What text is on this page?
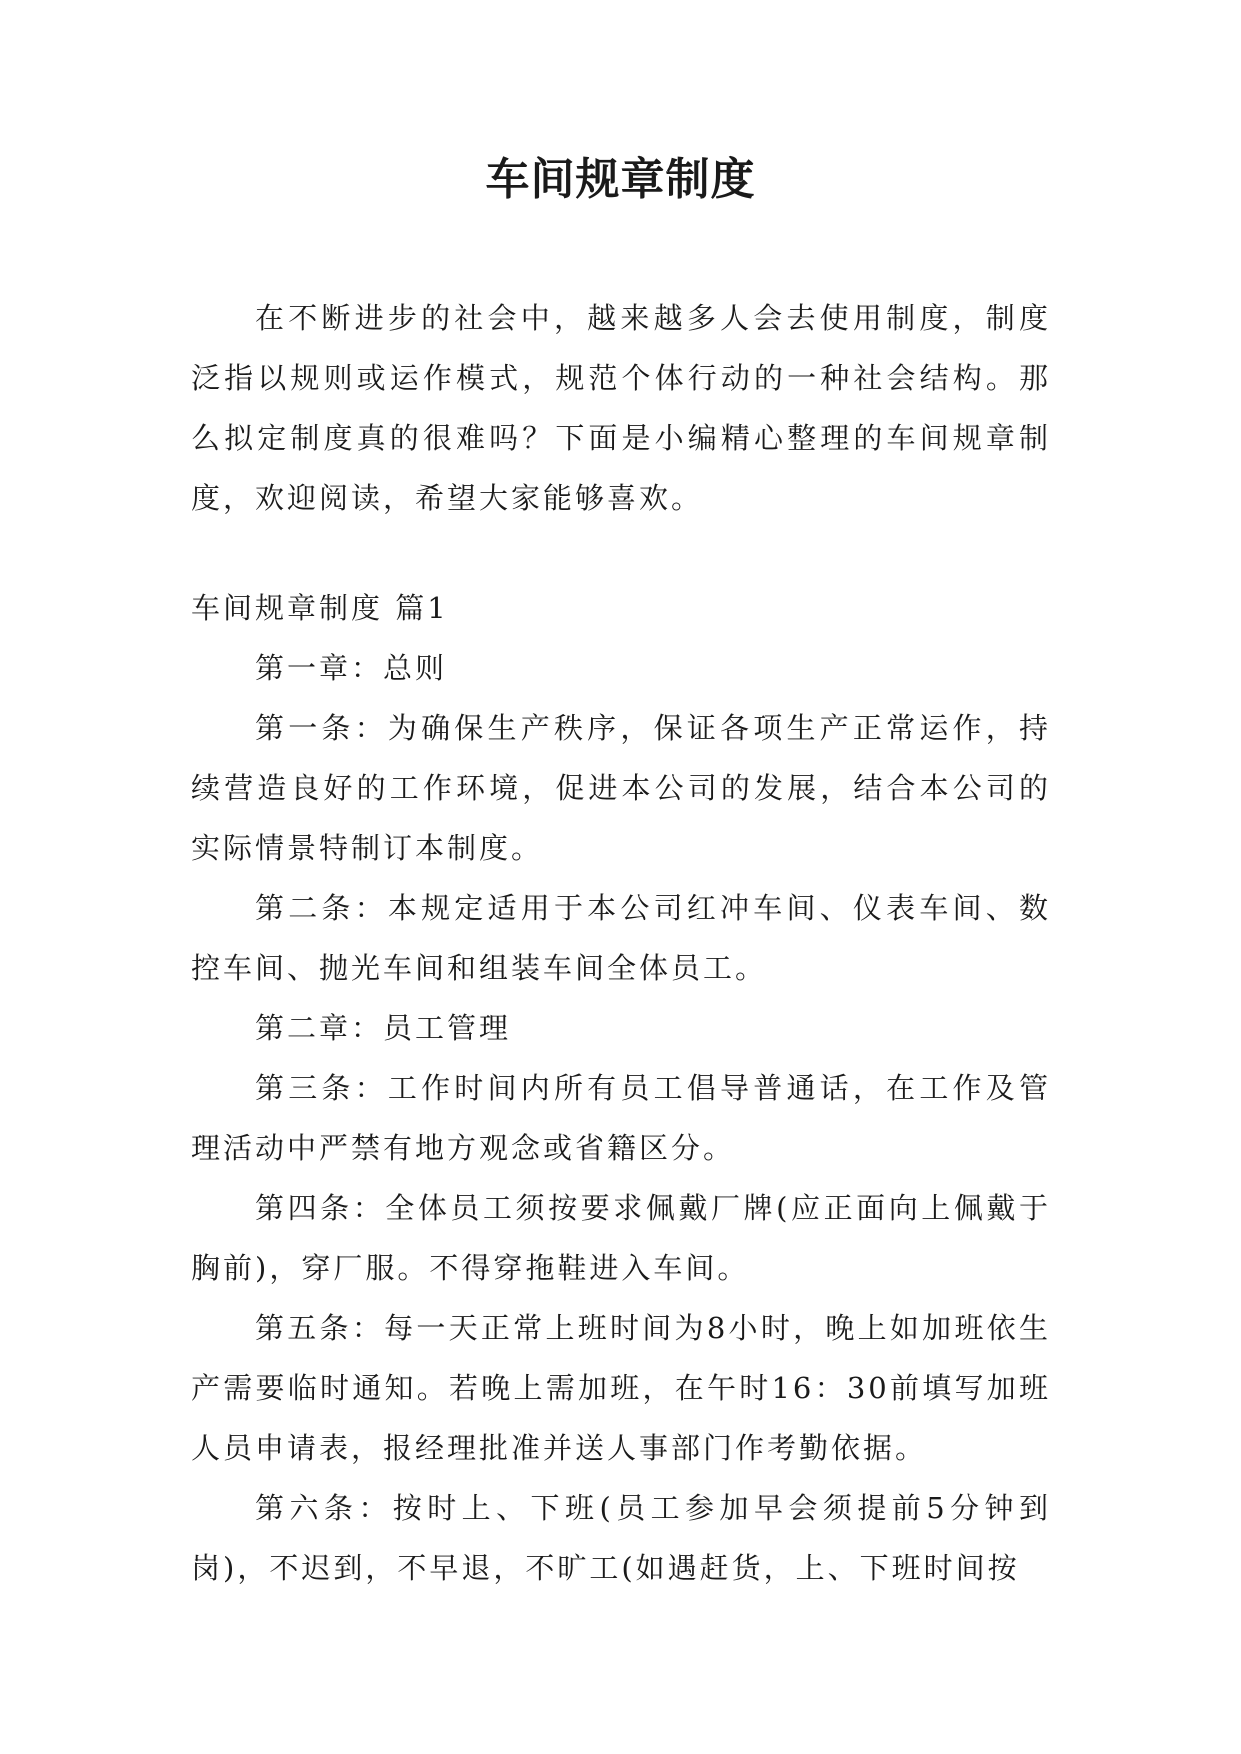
车间规章制度

在不断进步的社会中，越来越多人会去使用制度，制度泛指以规则或运作模式，规范个体行动的一种社会结构。那么拟定制度真的很难吗？下面是小编精心整理的车间规章制度，欢迎阅读，希望大家能够喜欢。

车间规章制度 篇1

第一章：总则

第一条：为确保生产秩序，保证各项生产正常运作，持续营造良好的工作环境，促进本公司的发展，结合本公司的实际情景特制订本制度。

第二条：本规定适用于本公司红冲车间、仪表车间、数控车间、抛光车间和组装车间全体员工。

第二章：员工管理

第三条：工作时间内所有员工倡导普通话，在工作及管理活动中严禁有地方观念或省籍区分。

第四条：全体员工须按要求佩戴厂牌(应正面向上佩戴于胸前)，穿厂服。不得穿拖鞋进入车间。

第五条：每一天正常上班时间为8小时，晚上如加班依生产需要临时通知。若晚上需加班，在午时16：30前填写加班人员申请表，报经理批准并送人事部门作考勤依据。

第六条：按时上、下班(员工参加早会须提前5分钟到岗)，不迟到，不早退，不旷工(如遇赶货，上、下班时间按
